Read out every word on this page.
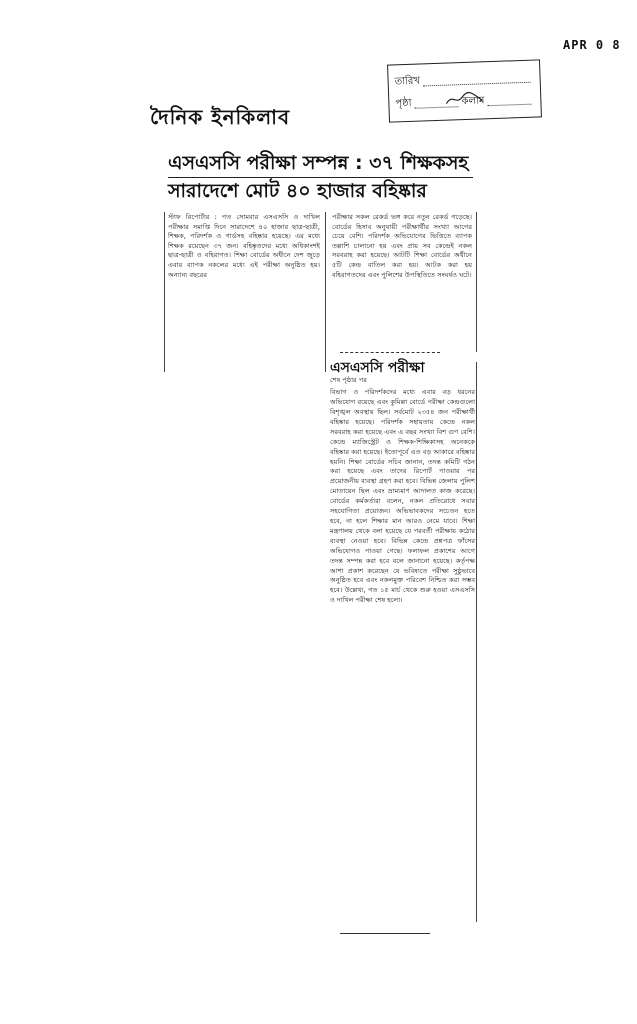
APR 0 8
তারিখ
পৃষ্ঠা	কলাম
দৈনিক ইনকিলাব
এসএসসি পরীক্ষা সম্পন্ন : ৩৭ শিক্ষকসহ
সারাদেশে মোট ৪০ হাজার বহিষ্কার

স্টাফ রিপোর্টার : গত সোমবার এসএসসি ও দাখিল পরীক্ষার সমাপ্তি দিনে সারাদেশে ৪০ হাজার ছাত্র-ছাত্রী, শিক্ষক, পরিদর্শক ও গার্ডসহ বহিষ্কার হয়েছে। এর মধ্যে শিক্ষক রয়েছেন ৩৭ জন। বহিষ্কৃতদের মধ্যে অধিকাংশই ছাত্র-ছাত্রী ও বহিরাগত। শিক্ষা বোর্ডের অধীনে দেশ জুড়ে এবার ব্যাপক নকলের মধ্যে এই পরীক্ষা অনুষ্ঠিত হয়। অন্যান্য বছরের

পরীক্ষার সকল রেকর্ড ভঙ্গ করে নতুন রেকর্ড গড়েছে। বোর্ডের হিসাব অনুযায়ী পরীক্ষার্থীর সংখ্যা আগের চেয়ে বেশি। পরিদর্শক অভিযোগের ভিত্তিতে ব্যাপক তল্লাশি চালানো হয় এবং প্রায় সব কেন্দ্রেই নকল সরবরাহ করা হয়েছে। আটটি শিক্ষা বোর্ডের অধীনে ৫টি কেন্দ্র বাতিল করা হয়। আটক করা হয় বহিরাগতদের এবং পুলিশের উপস্থিতিতে সংঘর্ষও ঘটে।

এসএসসি পরীক্ষা
শেষ পৃষ্ঠার পর
বিভাগ ও পরিদর্শকদের মধ্যে এবার বড় ধরনের অভিযোগ রয়েছে এবং কুমিল্লা বোর্ডে পরীক্ষা কেন্দ্রগুলো বিশৃঙ্খল অবস্থায় ছিল। সর্বমোট ২৩৫৪ জন পরীক্ষার্থী বহিষ্কার হয়েছে। পরিদর্শক সহায়তায় কেন্দ্রে নকল সরবরাহ করা হয়েছে এবং এ বছর সংখ্যা বিশ গুণ বেশি। কেন্দ্রে ম্যাজিস্ট্রেট ও শিক্ষক-শিক্ষিকাসহ অনেককে বহিষ্কার করা হয়েছে। ইতোপূর্বে এত বড় আকারে বহিষ্কার হয়নি। শিক্ষা বোর্ডের সচিব জানান, তদন্ত কমিটি গঠন করা হয়েছে এবং তাদের রিপোর্ট পাওয়ার পর প্রয়োজনীয় ব্যবস্থা গ্রহণ করা হবে। বিভিন্ন জেলায় পুলিশ মোতায়েন ছিল এবং ভ্রাম্যমাণ আদালত কাজ করেছে। বোর্ডের কর্মকর্তারা বলেন, নকল প্রতিরোধে সবার সহযোগিতা প্রয়োজন। অভিভাবকদের সচেতন হতে হবে, না হলে শিক্ষার মান আরও নেমে যাবে। শিক্ষা মন্ত্রণালয় থেকে বলা হয়েছে যে পরবর্তী পরীক্ষায় কঠোর ব্যবস্থা নেওয়া হবে। বিভিন্ন কেন্দ্রে প্রশ্নপত্র ফাঁসের অভিযোগও পাওয়া গেছে। ফলাফল প্রকাশের আগে তদন্ত সম্পন্ন করা হবে বলে জানানো হয়েছে। কর্তৃপক্ষ আশা প্রকাশ করেছেন যে ভবিষ্যতে পরীক্ষা সুষ্ঠুভাবে অনুষ্ঠিত হবে এবং নকলমুক্ত পরিবেশ নিশ্চিত করা সম্ভব হবে। উল্লেখ্য, গত ১৫ মার্চ থেকে শুরু হওয়া এসএসসি ও দাখিল পরীক্ষা শেষ হলো।
